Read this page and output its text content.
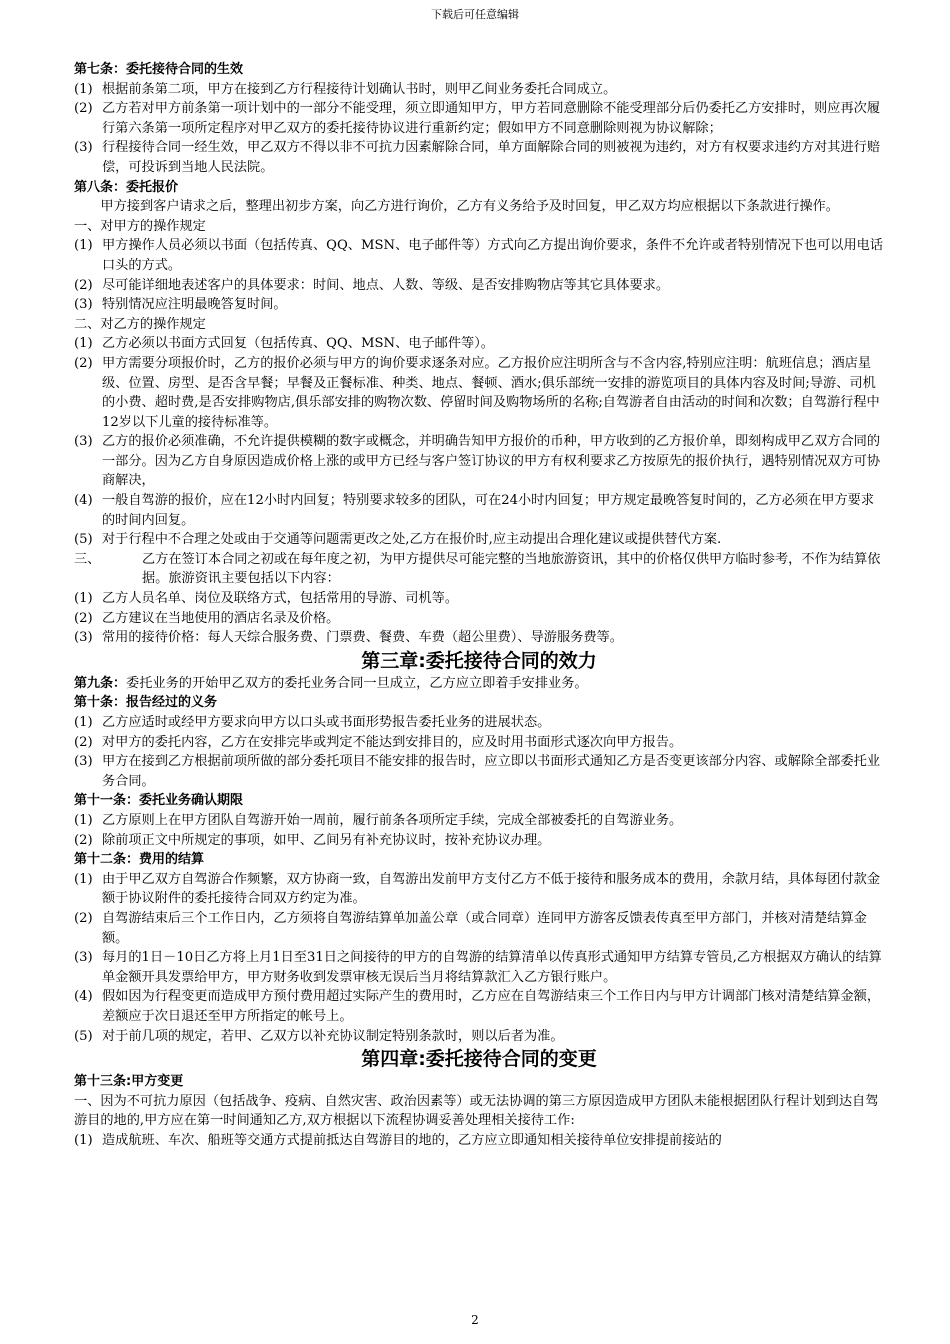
下载后可任意编辑
第七条：委托接待合同的生效
(1) 根据前条第二项，甲方在接到乙方行程接待计划确认书时，则甲乙间业务委托合同成立。
(2) 乙方若对甲方前条第一项计划中的一部分不能受理，须立即通知甲方，甲方若同意删除不能受理部分后仍委托乙方安排时，则应再次履行第六条第一项所定程序对甲乙双方的委托接待协议进行重新约定；假如甲方不同意删除则视为协议解除；
(3) 行程接待合同一经生效，甲乙双方不得以非不可抗力因素解除合同，单方面解除合同的则被视为违约，对方有权要求违约方对其进行赔偿，可投诉到当地人民法院。
第八条：委托报价
甲方接到客户请求之后，整理出初步方案，向乙方进行询价，乙方有义务给予及时回复，甲乙双方均应根据以下条款进行操作。
一、对甲方的操作规定
(1) 甲方操作人员必须以书面（包括传真、QQ、MSN、电子邮件等）方式向乙方提出询价要求，条件不允许或者特别情况下也可以用电话口头的方式。
(2) 尽可能详细地表述客户的具体要求：时间、地点、人数、等级、是否安排购物店等其它具体要求。
(3) 特别情况应注明最晚答复时间。
二、对乙方的操作规定
(1) 乙方必须以书面方式回复（包括传真、QQ、MSN、电子邮件等）。
(2) 甲方需要分项报价时，乙方的报价必须与甲方的询价要求逐条对应。乙方报价应注明所含与不含内容,特别应注明：航班信息；酒店星级、位置、房型、是否含早餐；早餐及正餐标准、种类、地点、餐顿、酒水;俱乐部统一安排的游览项目的具体内容及时间;导游、司机的小费、超时费,是否安排购物店,俱乐部安排的购物次数、停留时间及购物场所的名称;自驾游者自由活动的时间和次数；自驾游行程中12岁以下儿童的接待标准等。
(3) 乙方的报价必须准确，不允许提供模糊的数字或概念，并明确告知甲方报价的币种，甲方收到的乙方报价单，即刻构成甲乙双方合同的一部分。因为乙方自身原因造成价格上涨的或甲方已经与客户签订协议的甲方有权利要求乙方按原先的报价执行，遇特别情况双方可协商解决，
(4) 一般自驾游的报价，应在12小时内回复；特别要求较多的团队，可在24小时内回复；甲方规定最晚答复时间的，乙方必须在甲方要求的时间内回复。
(5) 对于行程中不合理之处或由于交通等问题需更改之处,乙方在报价时,应主动提出合理化建议或提供替代方案.
三、	乙方在签订本合同之初或在每年度之初，为甲方提供尽可能完整的当地旅游资讯，其中的价格仅供甲方临时参考，不作为结算依据。旅游资讯主要包括以下内容：
(1) 乙方人员名单、岗位及联络方式，包括常用的导游、司机等。
(2) 乙方建议在当地使用的酒店名录及价格。
(3) 常用的接待价格：每人天综合服务费、门票费、餐费、车费（超公里费）、导游服务费等。
第三章:委托接待合同的效力
第九条：委托业务的开始甲乙双方的委托业务合同一旦成立，乙方应立即着手安排业务。
第十条：报告经过的义务
(1) 乙方应适时或经甲方要求向甲方以口头或书面形势报告委托业务的进展状态。
(2) 对甲方的委托内容，乙方在安排完毕或判定不能达到安排目的，应及时用书面形式逐次向甲方报告。
(3) 甲方在接到乙方根据前项所做的部分委托项目不能安排的报告时，应立即以书面形式通知乙方是否变更该部分内容、或解除全部委托业务合同。
第十一条：委托业务确认期限
(1) 乙方原则上在甲方团队自驾游开始一周前，履行前条各项所定手续，完成全部被委托的自驾游业务。
(2) 除前项正文中所规定的事项，如甲、乙间另有补充协议时，按补充协议办理。
第十二条：费用的结算
(1) 由于甲乙双方自驾游合作频繁，双方协商一致，自驾游出发前甲方支付乙方不低于接待和服务成本的费用，余款月结，具体每团付款金额于协议附件的委托接待合同双方约定为准。
(2) 自驾游结束后三个工作日内，乙方须将自驾游结算单加盖公章（或合同章）连同甲方游客反馈表传真至甲方部门，并核对清楚结算金额。
(3) 每月的1日－10日乙方将上月1日至31日之间接待的甲方的自驾游的结算清单以传真形式通知甲方结算专管员,乙方根据双方确认的结算单金额开具发票给甲方，甲方财务收到发票审核无误后当月将结算款汇入乙方银行账户。
(4) 假如因为行程变更而造成甲方预付费用超过实际产生的费用时，乙方应在自驾游结束三个工作日内与甲方计调部门核对清楚结算金额，差额应于次日退还至甲方所指定的帐号上。
(5) 对于前几项的规定，若甲、乙双方以补充协议制定特别条款时，则以后者为准。
第四章:委托接待合同的变更
第十三条:甲方变更
一、因为不可抗力原因（包括战争、疫病、自然灾害、政治因素等）或无法协调的第三方原因造成甲方团队未能根据团队行程计划到达自驾游目的地的,甲方应在第一时间通知乙方,双方根据以下流程协调妥善处理相关接待工作:
(1) 造成航班、车次、船班等交通方式提前抵达自驾游目的地的，乙方应立即通知相关接待单位安排提前接站的
2
